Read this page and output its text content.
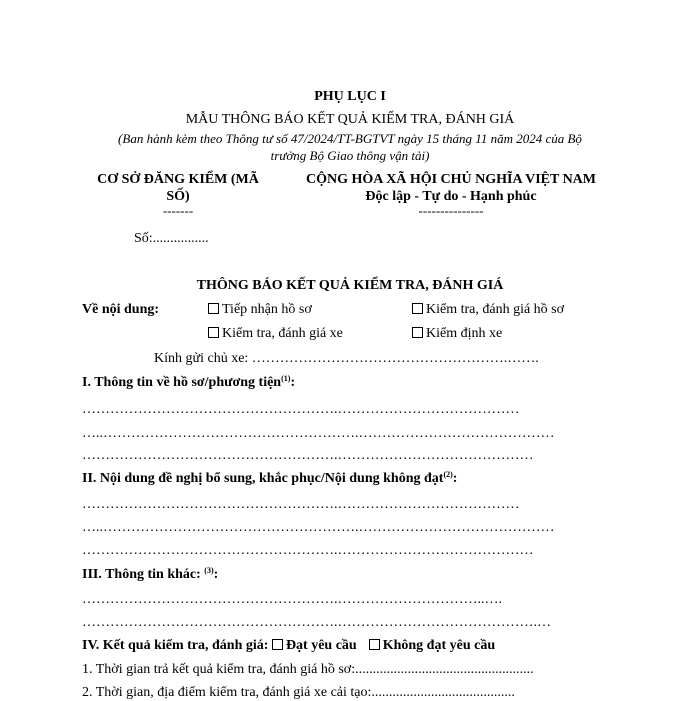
PHỤ LỤC I
MẪU THÔNG BÁO KẾT QUẢ KIỂM TRA, ĐÁNH GIÁ
(Ban hành kèm theo Thông tư số 47/2024/TT-BGTVT ngày 15 tháng 11 năm 2024 của Bộ
trưởng Bộ Giao thông vận tải)
CƠ SỞ ĐĂNG KIỂM (MÃ
SỐ)
-------
Số:................
CỘNG HÒA XÃ HỘI CHỦ NGHĨA VIỆT NAM
Độc lập - Tự do - Hạnh phúc
---------------
THÔNG BÁO KẾT QUẢ KIỂM TRA, ĐÁNH GIÁ
Về nội dung:	Tiếp nhận hồ sơ	Kiểm tra, đánh giá hồ sơ
Kiểm tra, đánh giá xe	Kiểm định xe
Kính gửi chủ xe: ……………………………………………….…….
I. Thông tin về hồ sơ/phương tiện$^{(1)}$:
……………………………………………….…………………………………
…..……………………………………………….……………………………………
……………………………………………….……………………………………
II. Nội dung đề nghị bổ sung, khắc phục/Nội dung không đạt$^{(2)}$:
……………………………………………….…………………………………
…..……………………………………………….……………………………………
……………………………………………….……………………………………
III. Thông tin khác: $^{(3)}$:
……………………………………………….…………………………..….
……………………………………………….…………………………………….…
IV. Kết quả kiểm tra, đánh giá: Đạt yêu cầu Không đạt yêu cầu
1. Thời gian trả kết quả kiểm tra, đánh giá hồ sơ:...................................................
2. Thời gian, địa điểm kiểm tra, đánh giá xe cải tạo:.........................................
